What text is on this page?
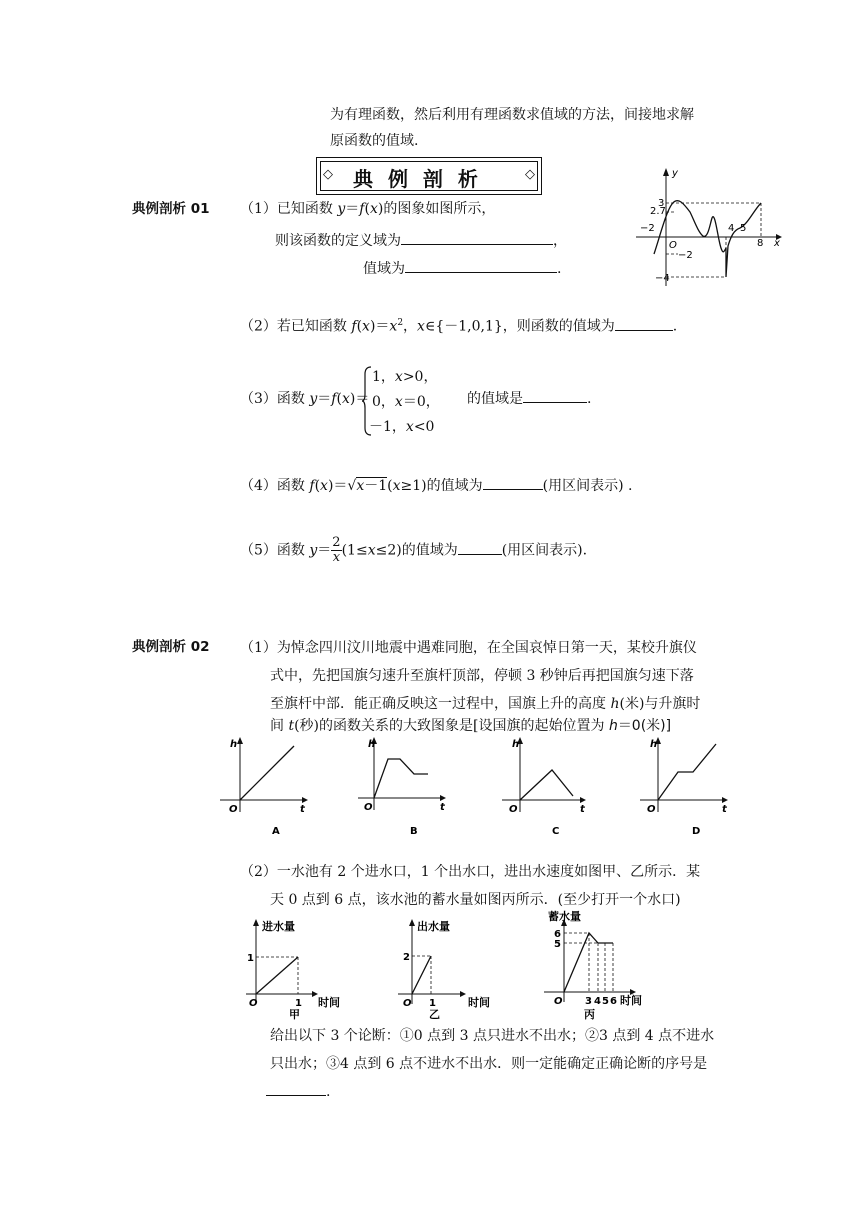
为有理函数，然后利用有理函数求值域的方法，间接地求解
原函数的值域.
◇ 典 例 剖 析	◇
典例剖析 01 （1）已知函数 y＝f(x)的图象如图所示，
则该函数的定义域为	，
值域为	.
3
2.7
−2
O
−2
−4
4 5
8 x
y
（2）若已知函数 $f(x)=x^2$，x∈{－1,0,1}，则函数的值域为	.
（3）函数 y＝f(x)＝
1，x>0，
0，x＝0，
－1，x<0
的值域是	.
（4）函数 f(x)＝√x－1(x≥1)的值域为	(用区间表示) .
（5）函数 $y= \frac{2}{x} (1\le x\le 2)$的值域为	(用区间表示).
典例剖析 02 （1）为悼念四川汶川地震中遇难同胞，在全国哀悼日第一天，某校升旗仪
式中，先把国旗匀速升至旗杆顶部，停顿 3 秒钟后再把国旗匀速下落
至旗杆中部．能正确反映这一过程中，国旗上升的高度 h(米)与升旗时
间 t(秒)的函数关系的大致图象是[设国旗的起始位置为 h＝0(米)]
h
O	t
A
h
O	t
B
h
O	t
C
h
O	t
D
（2）一水池有 2 个进水口，1 个出水口，进出水速度如图甲、乙所示．某
天 0 点到 6 点，该水池的蓄水量如图丙所示．(至少打开一个水口)
进水量
1
O	1 时间
甲
出水量
2
O 1	时间
乙
蓄水量
6
5
O 3 4 5 6 时间
丙
给出以下 3 个论断：①0 点到 3 点只进水不出水；②3 点到 4 点不进水
只出水；③4 点到 6 点不进水不出水．则一定能确定正确论断的序号是
.
